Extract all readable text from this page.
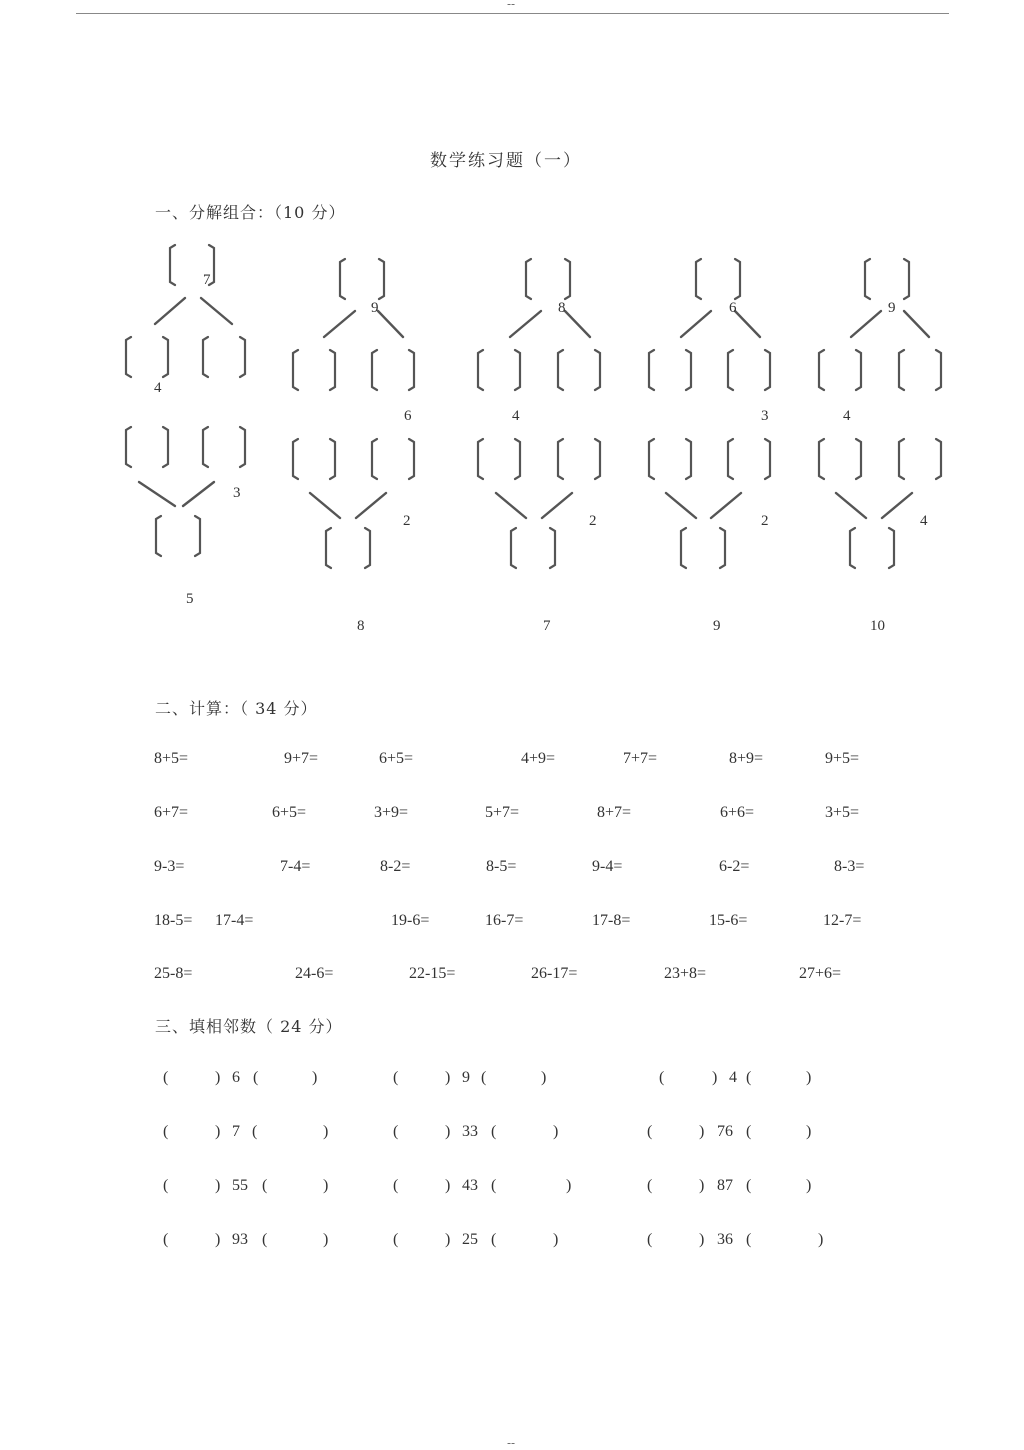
--
数学练习题（一）
一、分解组合：（10 分）
7
4
9
6
8
4
6
3
9
4
3
5
2
8
2
7
2
9
4
10
二、计算：（ 34 分）
8+5=	9+7=	6+5=	4+9=	7+7=	8+9=	9+5=
6+7=	6+5=	3+9=	5+7=	8+7=	6+6=	3+5=
9-3=	7-4=	8-2=	8-5=	9-4=	6-2=	8-3=
18-5= 17-4=	19-6=	16-7=	17-8=	15-6=	12-7=
25-8=	24-6=	22-15=	26-17=	23+8=	27+6=
三、填相邻数（ 24 分）
(	) 6 (	)	(	) 9 (	)	(	) 4 (	)
(	) 7 (	)	(	) 33 (	)	(	) 76 (	)
(	) 55 (	)	(	) 43 (	)	(	) 87 (	)
(	) 93 (	)	(	) 25 (	)	(	) 36 (	)
--
